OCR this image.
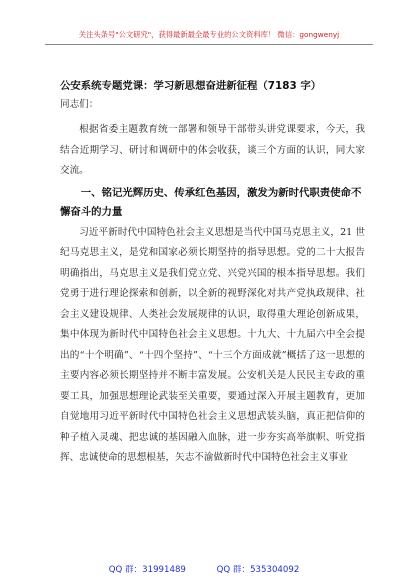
关注头条号"公文研究"，获得最新最全最专业的公文资料库！ 微信：gongwenyj
公安系统专题党课：学习新思想奋进新征程（7183 字）
同志们：

根据省委主题教育统一部署和领导干部带头讲党课要求，今天，我结合近期学习、研讨和调研中的体会收获，谈三个方面的认识，同大家交流。

一、铭记光辉历史、传承红色基因，激发为新时代职责使命不懈奋斗的力量

习近平新时代中国特色社会主义思想是当代中国马克思主义，21 世纪马克思主义，是党和国家必须长期坚持的指导思想。党的二十大报告明确指出，马克思主义是我们党立党、兴党兴国的根本指导思想。我们党勇于进行理论探索和创新，以全新的视野深化对共产党执政规律、社会主义建设规律、人类社会发展规律的认识，取得重大理论创新成果，集中体现为新时代中国特色社会主义思想。十九大、十九届六中全会提出的“十个明确”、“十四个坚持”、“十三个方面成就”概括了这一思想的主要内容必须长期坚持并不断丰富发展。公安机关是人民民主专政的重要工具，加强思想理论武装至关重要，要通过深入开展主题教育，更加自觉地用习近平新时代中国特色社会主义思想武装头脑，真正把信仰的种子植入灵魂、把忠诚的基因融入血脉，进一步夯实高举旗帜、听党指挥、忠诚使命的思想根基，矢志不渝做新时代中国特色社会主义事业

QQ 群：31991489	QQ 群：535304092
